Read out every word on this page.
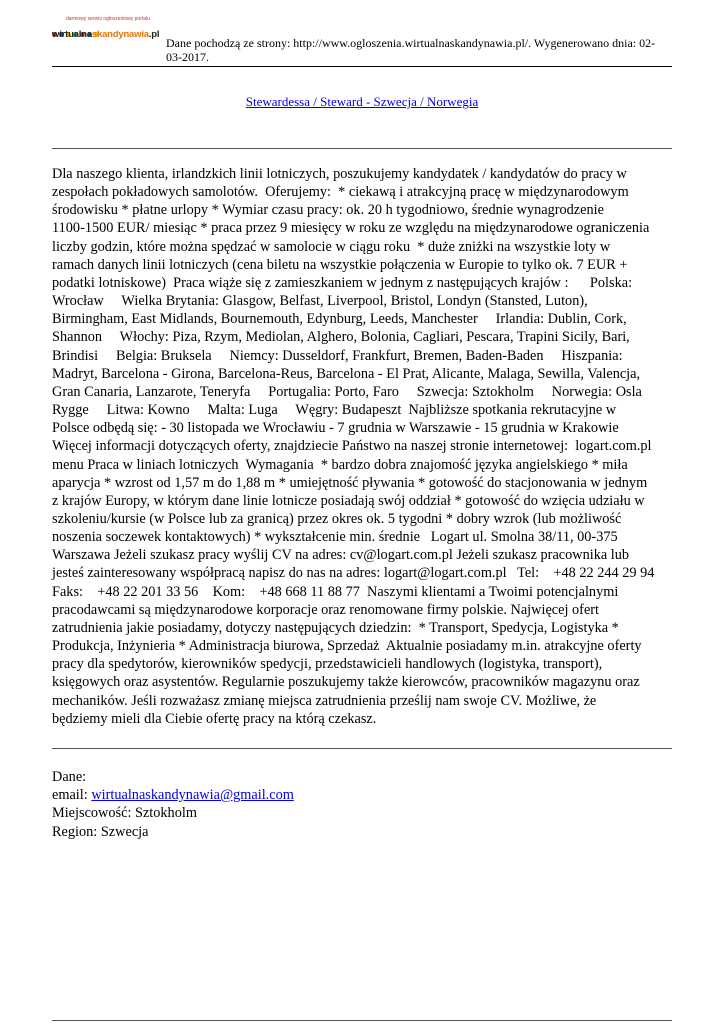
darmowy serwis ogłoszeniowy portalu
wirtualnaskandynawia.pl
Dane pochodzą ze strony: http://www.ogloszenia.wirtualnaskandynawia.pl/. Wygenerowano dnia: 02-03-2017.
Stewardessa / Steward - Szwecja / Norwegia
Dla naszego klienta, irlandzkich linii lotniczych, poszukujemy kandydatek / kandydatów do pracy w
zespołach pokładowych samolotów.  Oferujemy:  * ciekawą i atrakcyjną pracę w międzynarodowym
środowisku * płatne urlopy * Wymiar czasu pracy: ok. 20 h tygodniowo, średnie wynagrodzenie
1100-1500 EUR/ miesiąc * praca przez 9 miesięcy w roku ze względu na międzynarodowe ograniczenia
liczby godzin, które można spędzać w samolocie w ciągu roku  * duże zniżki na wszystkie loty w
ramach danych linii lotniczych (cena biletu na wszystkie połączenia w Europie to tylko ok. 7 EUR +
podatki lotniskowe)  Praca wiąże się z zamieszkaniem w jednym z następujących krajów :      Polska:
Wrocław     Wielka Brytania: Glasgow, Belfast, Liverpool, Bristol, Londyn (Stansted, Luton),
Birmingham, East Midlands, Bournemouth, Edynburg, Leeds, Manchester     Irlandia: Dublin, Cork,
Shannon     Włochy: Piza, Rzym, Mediolan, Alghero, Bolonia, Cagliari, Pescara, Trapini Sicily, Bari,
Brindisi     Belgia: Bruksela     Niemcy: Dusseldorf, Frankfurt, Bremen, Baden-Baden     Hiszpania:
Madryt, Barcelona - Girona, Barcelona-Reus, Barcelona - El Prat, Alicante, Malaga, Sewilla, Valencja,
Gran Canaria, Lanzarote, Teneryfa     Portugalia: Porto, Faro     Szwecja: Sztokholm     Norwegia: Osla
Rygge     Litwa: Kowno     Malta: Luga     Węgry: Budapeszt  Najbliższe spotkania rekrutacyjne w
Polsce odbędą się: - 30 listopada we Wrocławiu - 7 grudnia w Warszawie - 15 grudnia w Krakowie
Więcej informacji dotyczących oferty, znajdziecie Państwo na naszej stronie internetowej:  logart.com.pl
menu Praca w liniach lotniczych  Wymagania  * bardzo dobra znajomość języka angielskiego * miła
aparycja * wzrost od 1,57 m do 1,88 m * umiejętność pływania * gotowość do stacjonowania w jednym
z krajów Europy, w którym dane linie lotnicze posiadają swój oddział * gotowość do wzięcia udziału w
szkoleniu/kursie (w Polsce lub za granicą) przez okres ok. 5 tygodni * dobry wzrok (lub możliwość
noszenia soczewek kontaktowych) * wykształcenie min. średnie   Logart ul. Smolna 38/11, 00-375
Warszawa Jeżeli szukasz pracy wyślij CV na adres: cv@logart.com.pl Jeżeli szukasz pracownika lub
jesteś zainteresowany współpracą napisz do nas na adres: logart@logart.com.pl   Tel:    +48 22 244 29 94
Faks:    +48 22 201 33 56    Kom:    +48 668 11 88 77  Naszymi klientami a Twoimi potencjalnymi
pracodawcami są międzynarodowe korporacje oraz renomowane firmy polskie. Najwięcej ofert
zatrudnienia jakie posiadamy, dotyczy następujących dziedzin:  * Transport, Spedycja, Logistyka *
Produkcja, Inżynieria * Administracja biurowa, Sprzedaż  Aktualnie posiadamy m.in. atrakcyjne oferty
pracy dla spedytorów, kierowników spedycji, przedstawicieli handlowych (logistyka, transport),
księgowych oraz asystentów. Regularnie poszukujemy także kierowców, pracowników magazynu oraz
mechaników. Jeśli rozważasz zmianę miejsca zatrudnienia prześlij nam swoje CV. Możliwe, że
będziemy mieli dla Ciebie ofertę pracy na którą czekasz.
Dane:
email: wirtualnaskandynawia@gmail.com
Miejscowość: Sztokholm
Region: Szwecja
